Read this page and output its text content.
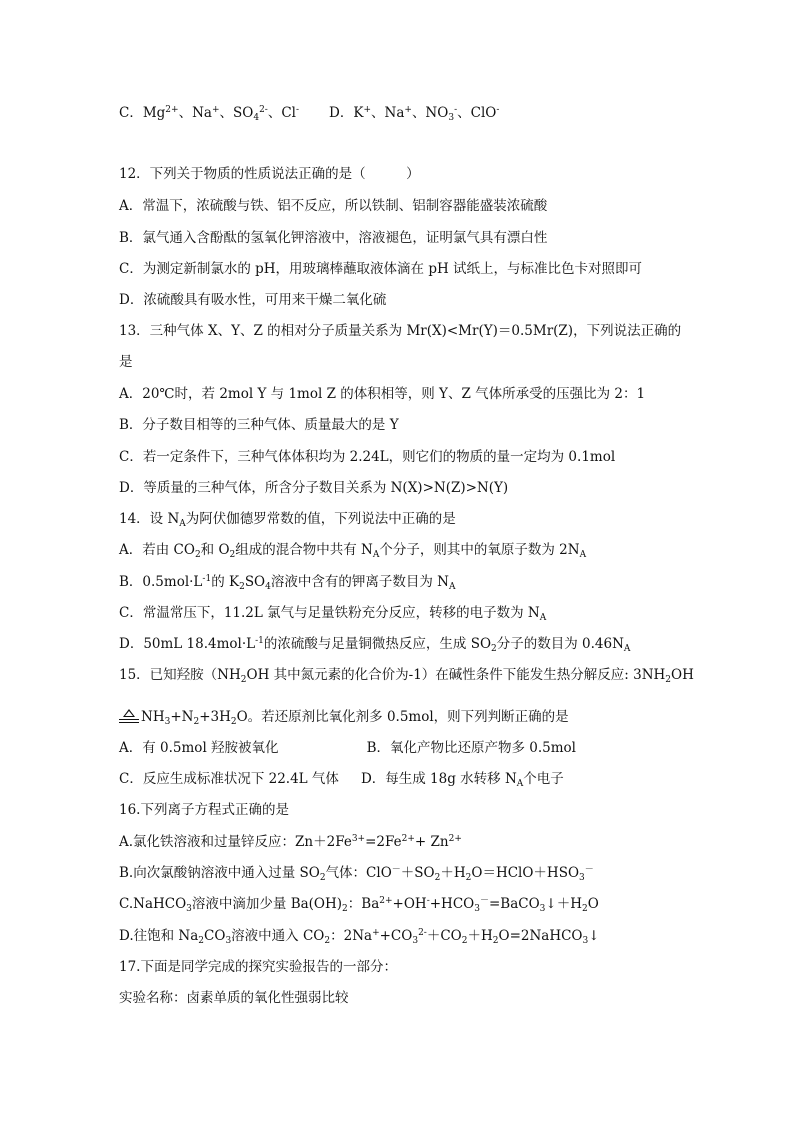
C．$Mg^{2+}$、Na+、$SO_4^{2-}$、Cl- D．K+、Na+、$NO_3^-$、ClO-
12．下列关于物质的性质说法正确的是（　　　）
A．常温下，浓硫酸与铁、铝不反应，所以铁制、铝制容器能盛装浓硫酸
B．氯气通入含酚酞的氢氧化钾溶液中，溶液褪色，证明氯气具有漂白性
C．为测定新制氯水的 pH，用玻璃棒蘸取液体滴在 pH 试纸上，与标准比色卡对照即可
D．浓硫酸具有吸水性，可用来干燥二氧化硫
13．三种气体 X、Y、Z 的相对分子质量关系为 Mr(X)<Mr(Y)＝0.5Mr(Z)，下列说法正确的
是
A．20℃时，若 2mol Y 与 1mol Z 的体积相等，则 Y、Z 气体所承受的压强比为 2：1
B．分子数目相等的三种气体、质量最大的是 Y
C．若一定条件下，三种气体体积均为 2.24L，则它们的物质的量一定均为 0.1mol
D．等质量的三种气体，所含分子数目关系为 N(X)>N(Z)>N(Y)
14．设 $N_A$为阿伏伽德罗常数的值，下列说法中正确的是
A．若由 $CO_2$和 $O_2$组成的混合物中共有 $N_A$个分子，则其中的氧原子数为 $2N_A$
B．$0.5mol\cdot L^{-1}$的 $K_2SO_4$溶液中含有的钾离子数目为 $N_A$
C．常温常压下，11.2L 氯气与足量铁粉充分反应，转移的电子数为 $N_A$
D．50mL $18.4mol\cdot L^{-1}$的浓硫酸与足量铜微热反应，生成 $SO_2$分子的数目为 $0.46N_A$
15．已知羟胺（$NH_2OH$ 其中氮元素的化合价为-1）在碱性条件下能发生热分解反应: $3NH_2OH$
$NH_3+N_2+3H_2O$。若还原剂比氧化剂多 0.5mol，则下列判断正确的是
A．有 0.5mol 羟胺被氧化	B．氧化产物比还原产物多 0.5mol
C．反应生成标准状况下 22.4L 气体 D．每生成 18g 水转移 $N_A$个电子
16.下列离子方程式正确的是
A.氯化铁溶液和过量锌反应：$Zn+2Fe^{3+}=2Fe^{2+}+ Zn^{2+}$
B.向次氯酸钠溶液中通入过量 $SO_2$气体：$ClO^-+SO_2+H_2O=HClO+HSO_3^-$
C.NaHCO$_3$溶液中滴加少量 $Ba(OH)_2$：$Ba^{2+}+OH^-+HCO_3^-=BaCO_3↓+H_2O$
D.往饱和 $Na_2CO_3$溶液中通入 $CO_2$：$2Na^++CO_3^{2-}+CO_2+H_2O=2NaHCO_3↓$
17.下面是同学完成的探究实验报告的一部分：
实验名称：卤素单质的氧化性强弱比较
